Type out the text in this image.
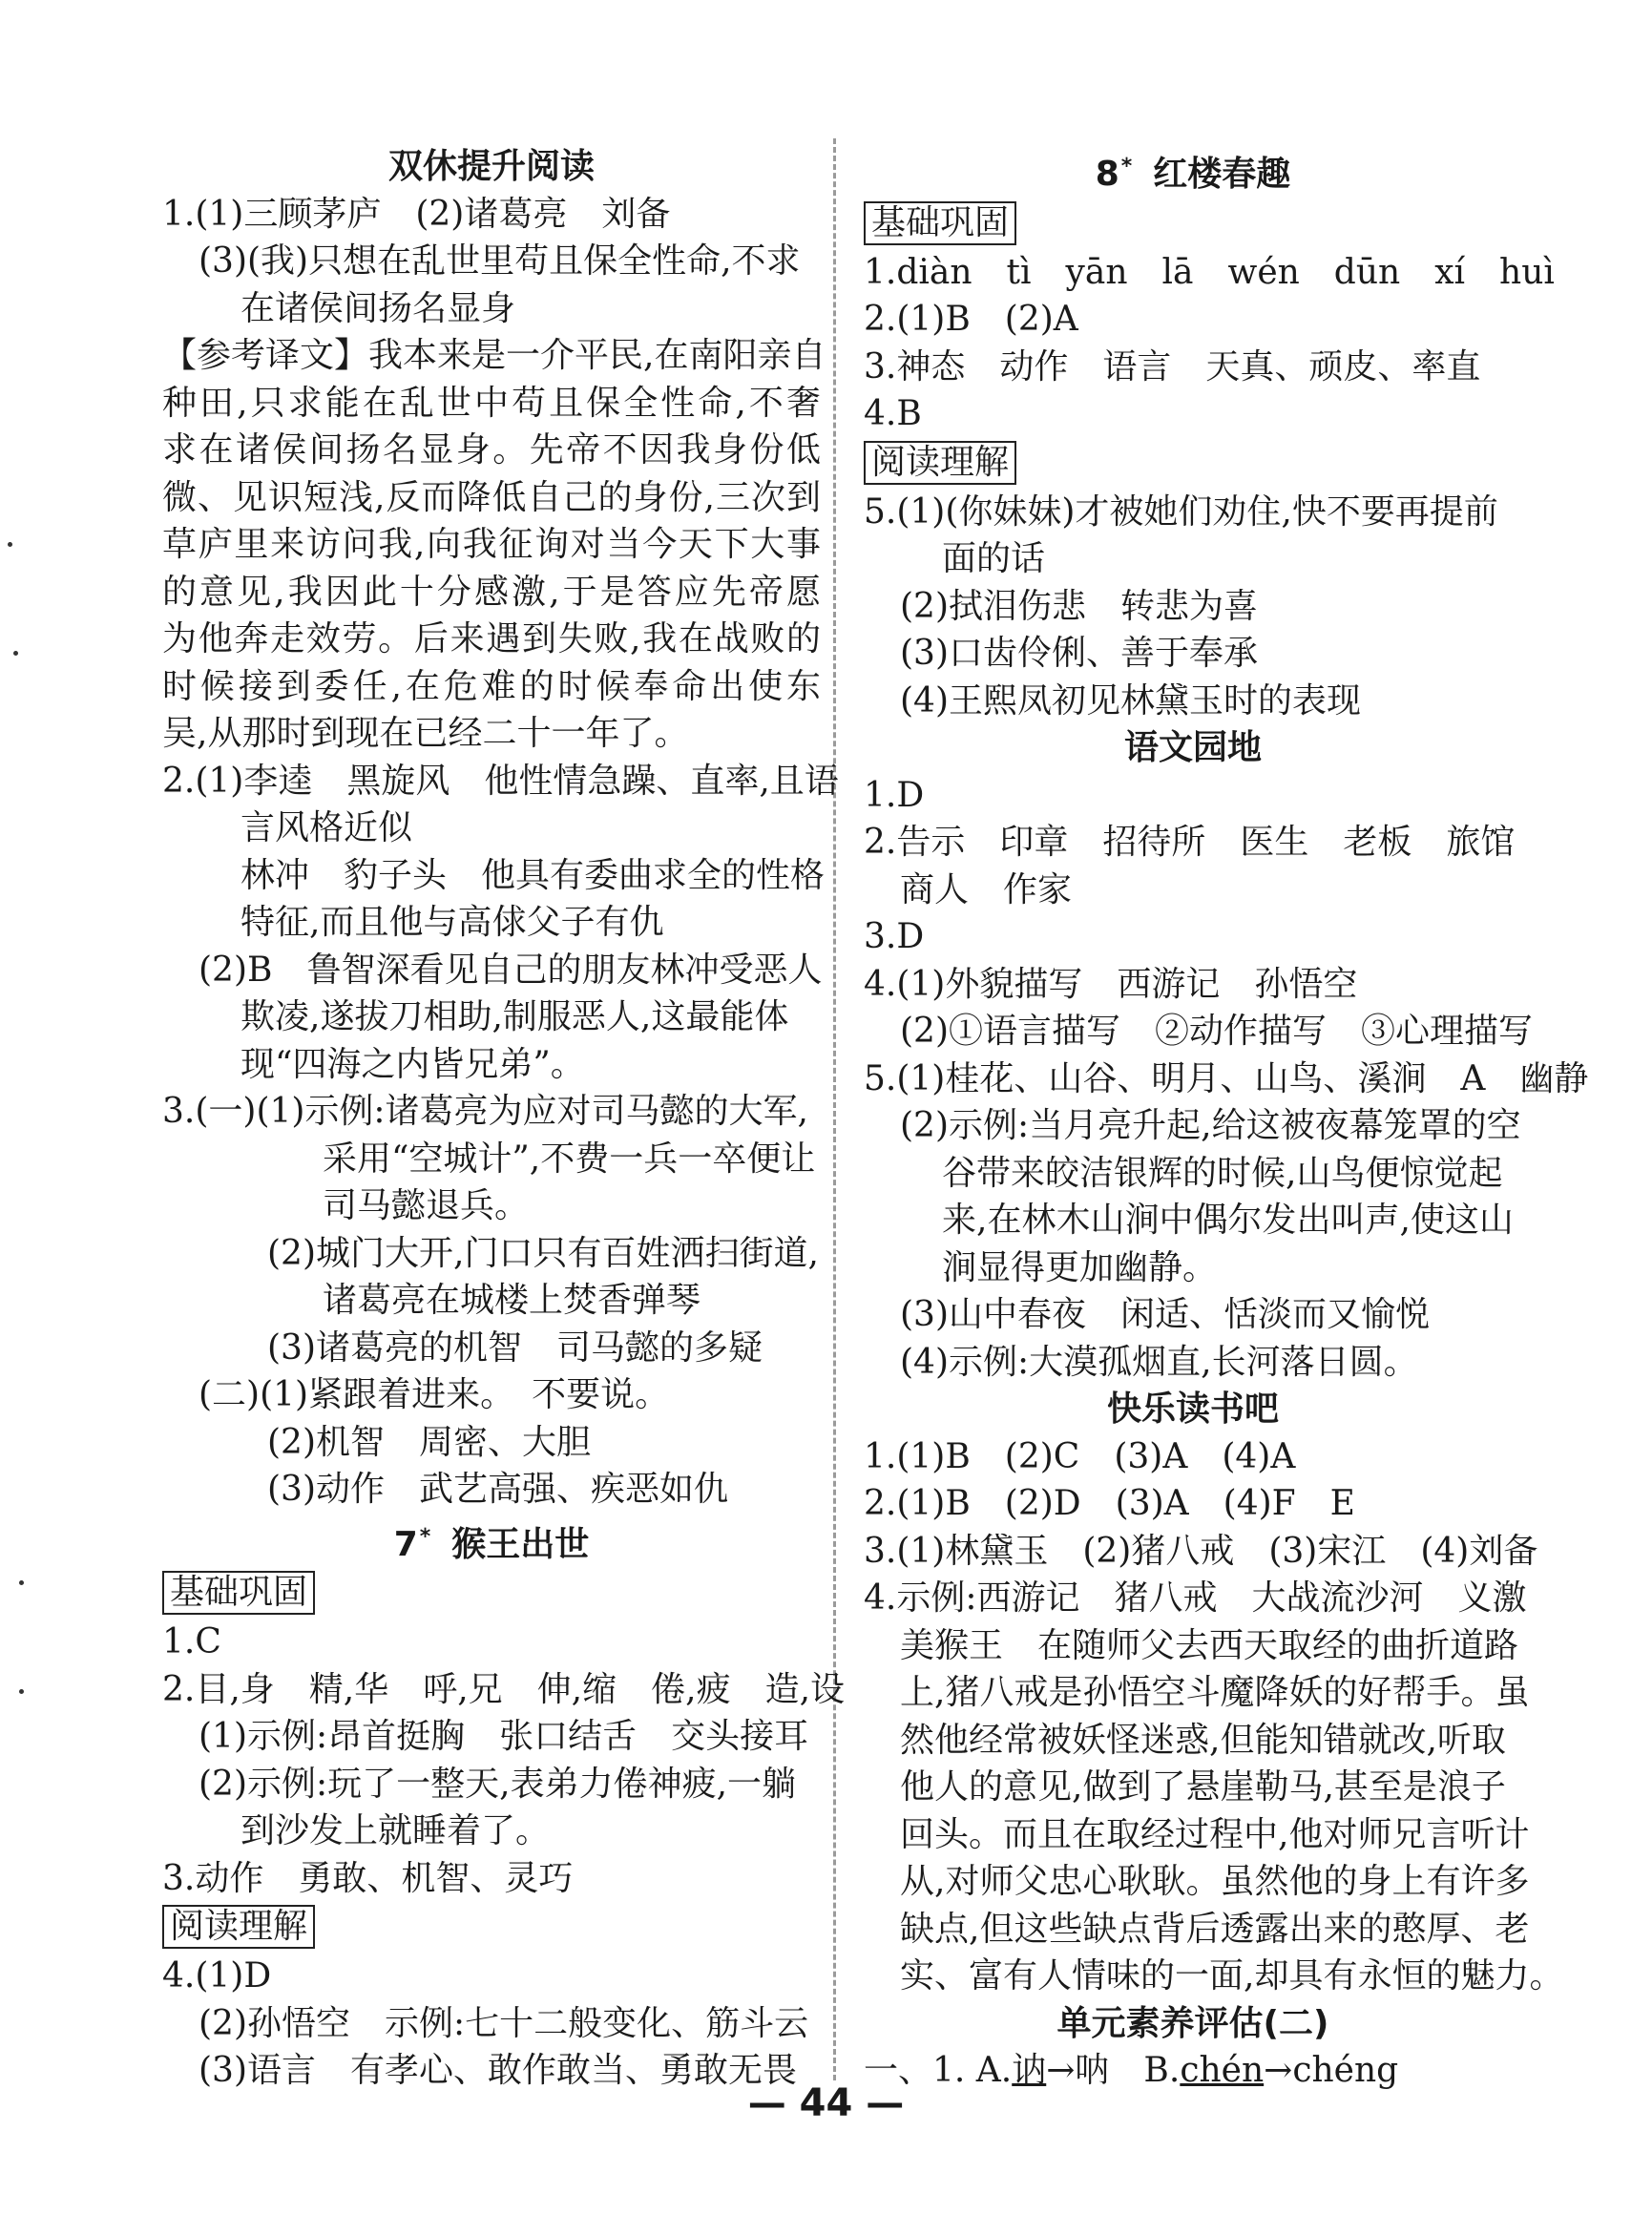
双休提升阅读
1.(1)三顾茅庐　(2)诸葛亮　刘备
(3)(我)只想在乱世里苟且保全性命,不求
在诸侯间扬名显身
【参考译文】我本来是一介平民,在南阳亲自
种田,只求能在乱世中苟且保全性命,不奢
求在诸侯间扬名显身。先帝不因我身份低
微、见识短浅,反而降低自己的身份,三次到
草庐里来访问我,向我征询对当今天下大事
的意见,我因此十分感激,于是答应先帝愿
为他奔走效劳。后来遇到失败,我在战败的
时候接到委任,在危难的时候奉命出使东
吴,从那时到现在已经二十一年了。
2.(1)李逵　黑旋风　他性情急躁、直率,且语
言风格近似
林冲　豹子头　他具有委曲求全的性格
特征,而且他与高俅父子有仇
(2)B　鲁智深看见自己的朋友林冲受恶人
欺凌,遂拔刀相助,制服恶人,这最能体
现“四海之内皆兄弟”。
3.(一)(1)示例:诸葛亮为应对司马懿的大军,
采用“空城计”,不费一兵一卒便让
司马懿退兵。
(2)城门大开,门口只有百姓洒扫街道,
诸葛亮在城楼上焚香弹琴
(3)诸葛亮的机智　司马懿的多疑
(二)(1)紧跟着进来。　不要说。
(2)机智　周密、大胆
(3)动作　武艺高强、疾恶如仇
7* 猴王出世
基础巩固
1.C
2.目,身　精,华　呼,兄　伸,缩　倦,疲　造,设
(1)示例:昂首挺胸　张口结舌　交头接耳
(2)示例:玩了一整天,表弟力倦神疲,一躺
到沙发上就睡着了。
3.动作　勇敢、机智、灵巧
阅读理解
4.(1)D
(2)孙悟空　示例:七十二般变化、筋斗云
(3)语言　有孝心、敢作敢当、勇敢无畏
8* 红楼春趣
基础巩固
1.diàn　tì　yān　lā　wén　dūn　xí　huì
2.(1)B　(2)A
3.神态　动作　语言　天真、顽皮、率直
4.B
阅读理解
5.(1)(你妹妹)才被她们劝住,快不要再提前
面的话
(2)拭泪伤悲　转悲为喜
(3)口齿伶俐、善于奉承
(4)王熙凤初见林黛玉时的表现
语文园地
1.D
2.告示　印章　招待所　医生　老板　旅馆
商人　作家
3.D
4.(1)外貌描写　西游记　孙悟空
(2)①语言描写　②动作描写　③心理描写
5.(1)桂花、山谷、明月、山鸟、溪涧　A　幽静
(2)示例:当月亮升起,给这被夜幕笼罩的空
谷带来皎洁银辉的时候,山鸟便惊觉起
来,在林木山涧中偶尔发出叫声,使这山
涧显得更加幽静。
(3)山中春夜　闲适、恬淡而又愉悦
(4)示例:大漠孤烟直,长河落日圆。
快乐读书吧
1.(1)B　(2)C　(3)A　(4)A
2.(1)B　(2)D　(3)A　(4)F　E
3.(1)林黛玉　(2)猪八戒　(3)宋江　(4)刘备
4.示例:西游记　猪八戒　大战流沙河　义激
美猴王　在随师父去西天取经的曲折道路
上,猪八戒是孙悟空斗魔降妖的好帮手。虽
然他经常被妖怪迷惑,但能知错就改,听取
他人的意见,做到了悬崖勒马,甚至是浪子
回头。而且在取经过程中,他对师兄言听计
从,对师父忠心耿耿。虽然他的身上有许多
缺点,但这些缺点背后透露出来的憨厚、老
实、富有人情味的一面,却具有永恒的魅力。
单元素养评估(二)
一、1. A.讷→呐　B.chén→chéng
— 44 —
